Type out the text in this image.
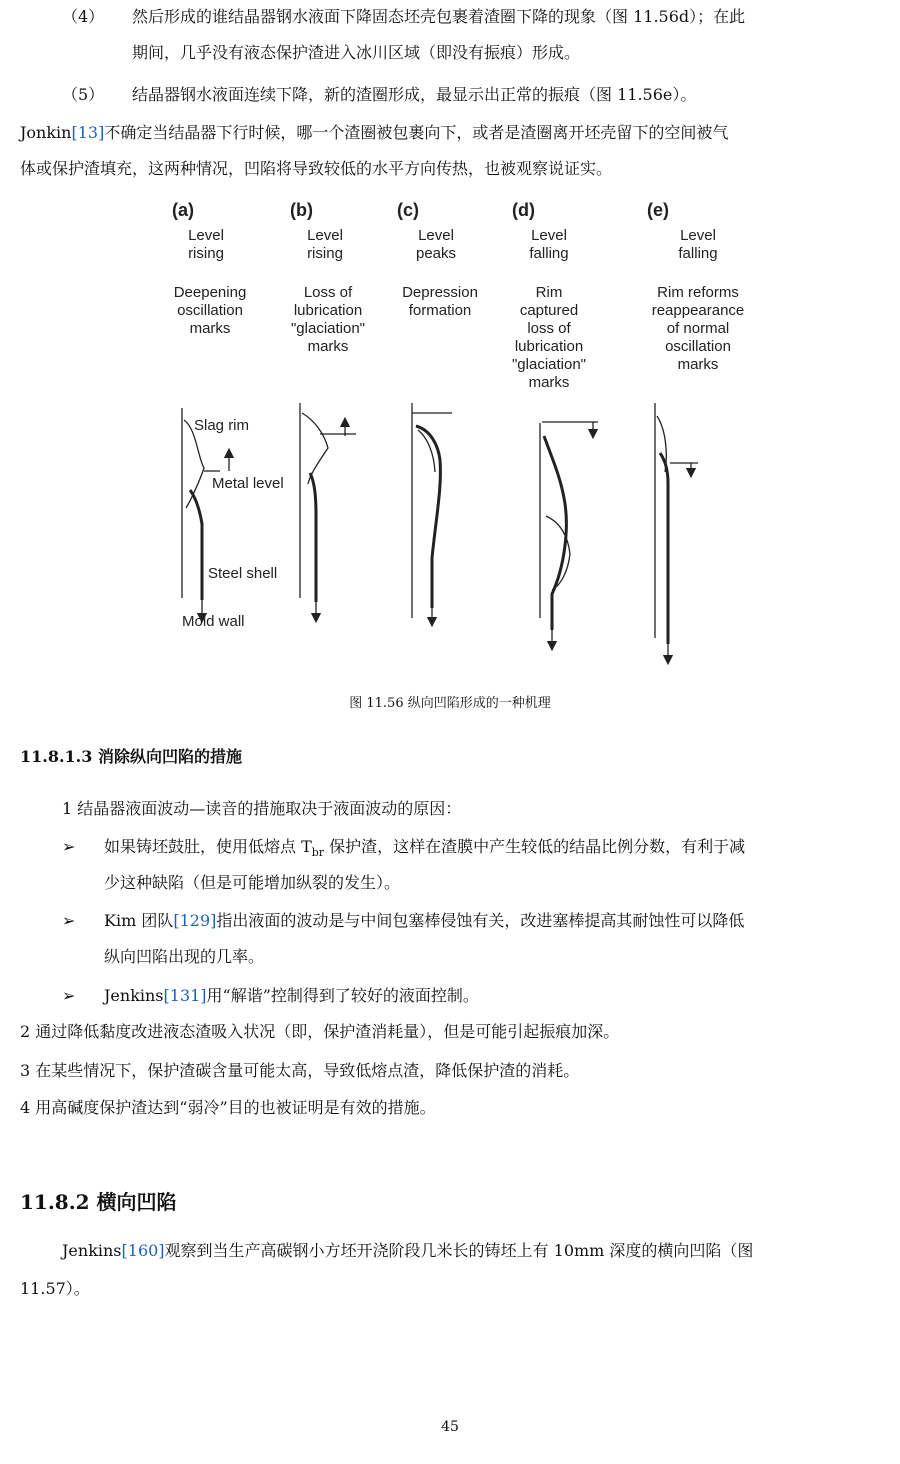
（4） 然后形成的谁结晶器钢水液面下降固态坯壳包裹着渣圈下降的现象（图 11.56d）；在此
期间，几乎没有液态保护渣进入冰川区域（即没有振痕）形成。
（5） 结晶器钢水液面连续下降，新的渣圈形成，最显示出正常的振痕（图 11.56e）。
Jonkin[13]不确定当结晶器下行时候，哪一个渣圈被包裹向下，或者是渣圈离开坯壳留下的空间被气
体或保护渣填充，这两种情况，凹陷将导致较低的水平方向传热，也被观察说证实。
(a)
Level
rising
Deepening
oscillation
marks
(b)
Level
rising
Loss of
lubrication
"glaciation"
marks
(c)
Level
peaks
Depression
formation
(d)
Level
falling
Rim
captured
loss of
lubrication
"glaciation"
marks
(e)
Level
falling
Rim reforms
reappearance
of normal
oscillation
marks
Slag rim
Metal level
Steel shell
Mold wall
图 11.56 纵向凹陷形成的一种机理
11.8.1.3 消除纵向凹陷的措施
1 结晶器液面波动—读音的措施取决于液面波动的原因：
➢ 如果铸坯鼓肚，使用低熔点 $T_{br}$ 保护渣，这样在渣膜中产生较低的结晶比例分数，有利于减
少这种缺陷（但是可能增加纵裂的发生）。
➢ Kim 团队[129]指出液面的波动是与中间包塞棒侵蚀有关，改进塞棒提高其耐蚀性可以降低
纵向凹陷出现的几率。
➢ Jenkins[131]用“解谐”控制得到了较好的液面控制。
2 通过降低黏度改进液态渣吸入状况（即，保护渣消耗量），但是可能引起振痕加深。
3 在某些情况下，保护渣碳含量可能太高，导致低熔点渣，降低保护渣的消耗。
4 用高碱度保护渣达到“弱冷”目的也被证明是有效的措施。
11.8.2 横向凹陷
Jenkins[160]观察到当生产高碳钢小方坯开浇阶段几米长的铸坯上有 10mm 深度的横向凹陷（图
11.57）。
45
